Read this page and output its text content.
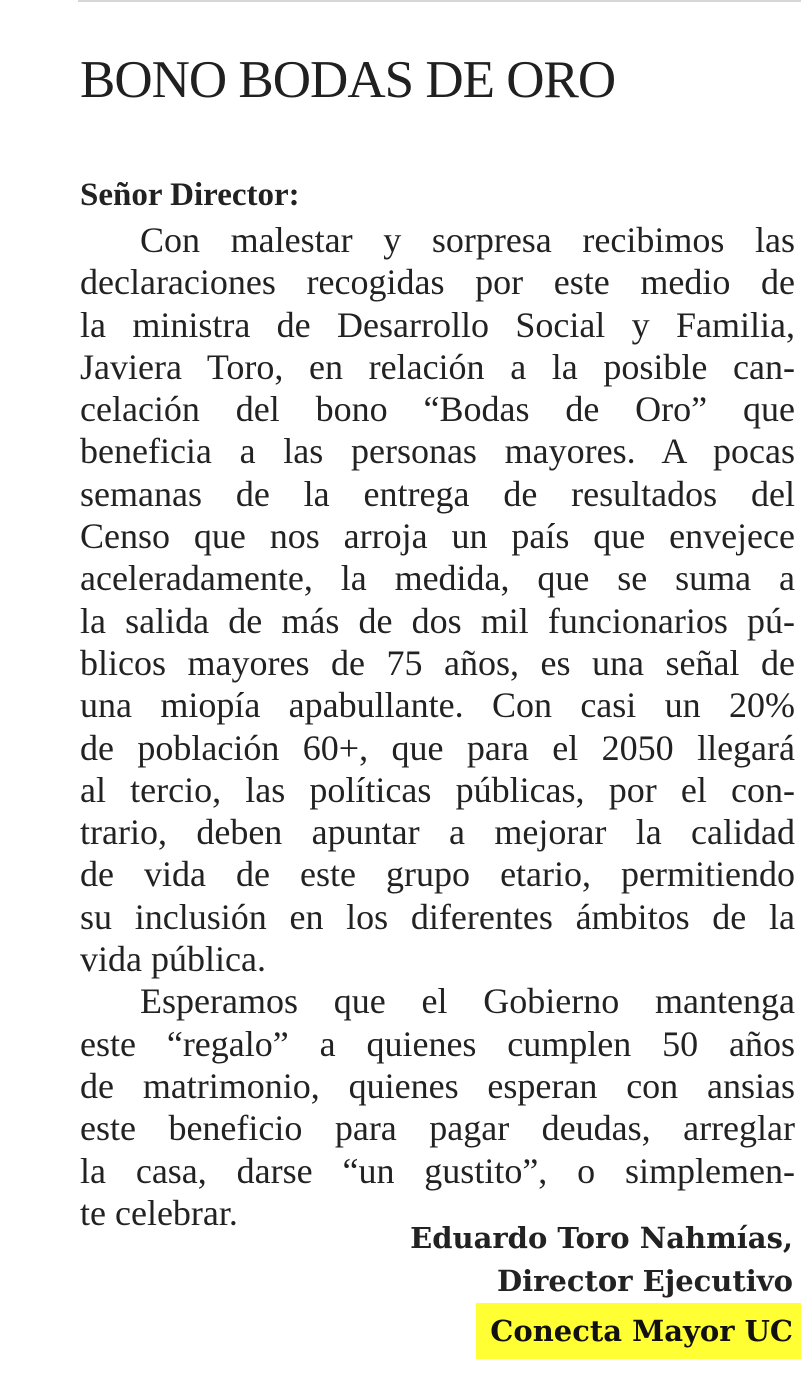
BONO BODAS DE ORO

Señor Director:

Con malestar y sorpresa recibimos las
declaraciones recogidas por este medio de
la ministra de Desarrollo Social y Familia,
Javiera Toro, en relación a la posible can-
celación del bono “Bodas de Oro” que
beneficia a las personas mayores. A pocas
semanas de la entrega de resultados del
Censo que nos arroja un país que envejece
aceleradamente, la medida, que se suma a
la salida de más de dos mil funcionarios pú-
blicos mayores de 75 años, es una señal de
una miopía apabullante. Con casi un 20%
de población 60+, que para el 2050 llegará
al tercio, las políticas públicas, por el con-
trario, deben apuntar a mejorar la calidad
de vida de este grupo etario, permitiendo
su inclusión en los diferentes ámbitos de la
vida pública.
Esperamos que el Gobierno mantenga
este “regalo” a quienes cumplen 50 años
de matrimonio, quienes esperan con ansias
este beneficio para pagar deudas, arreglar
la casa, darse “un gustito”, o simplemen-
te celebrar.
Eduardo Toro Nahmías,
Director Ejecutivo
Conecta Mayor UC
